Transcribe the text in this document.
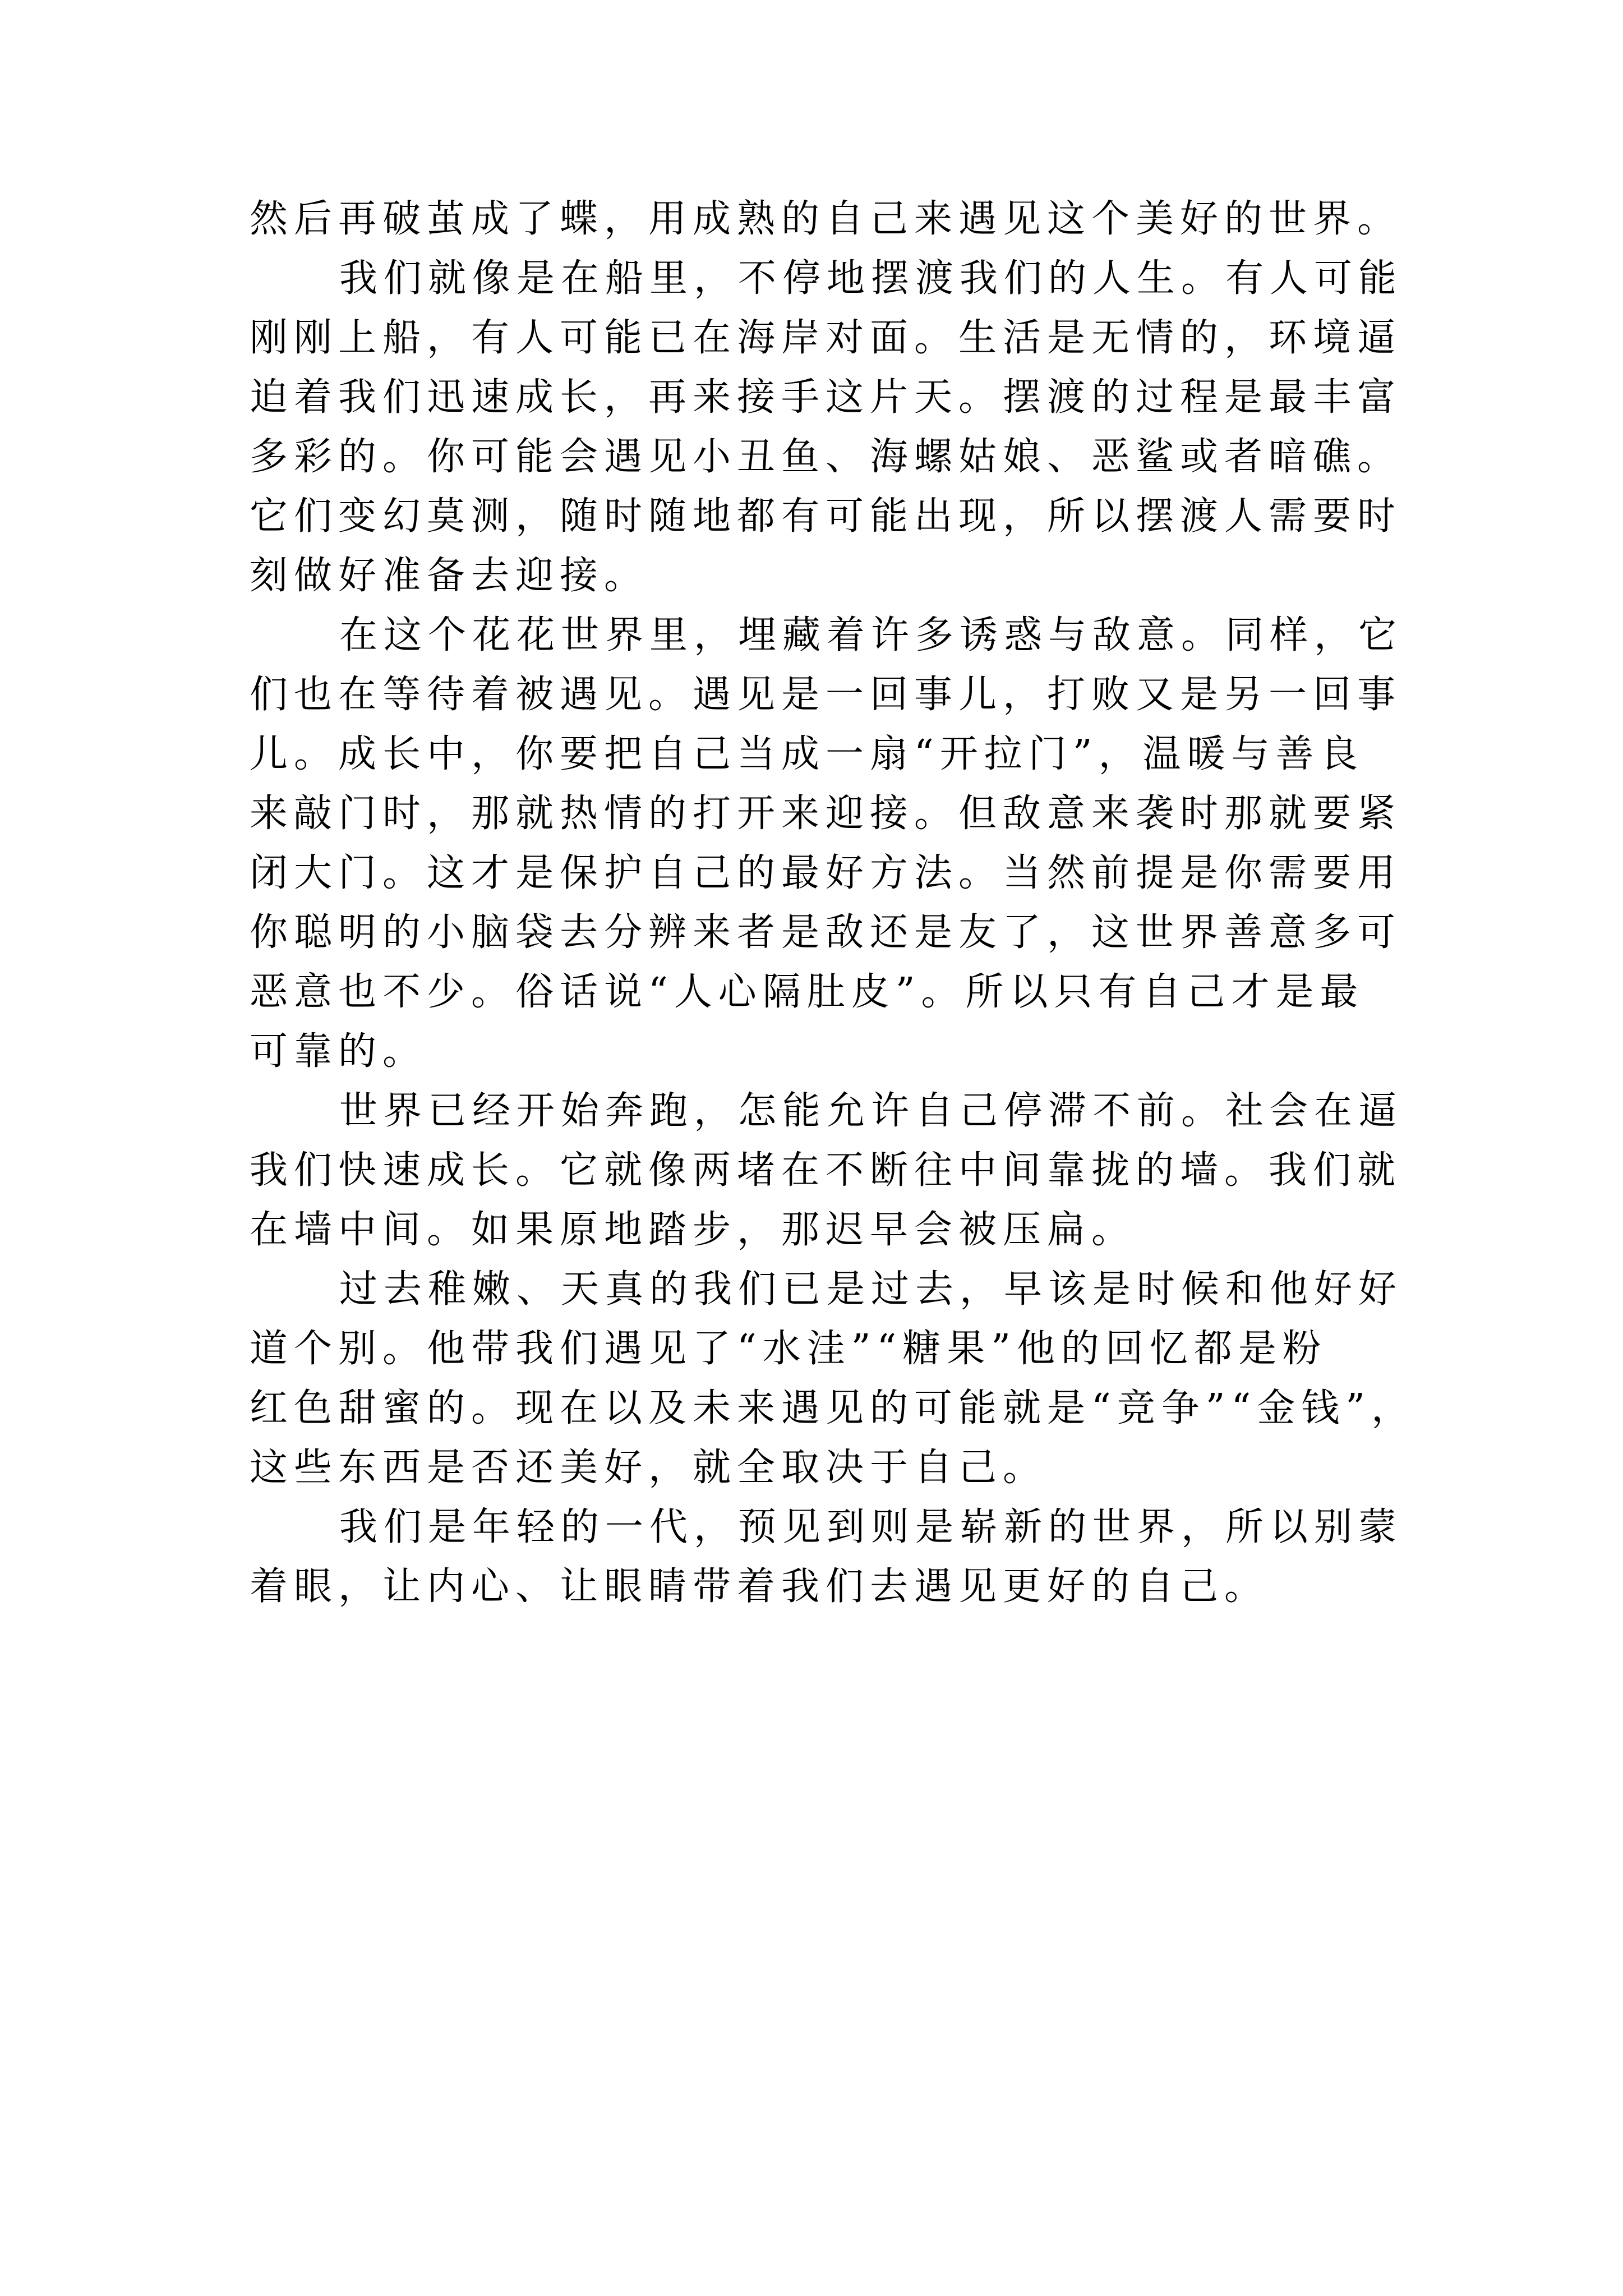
然后再破茧成了蝶，用成熟的自己来遇见这个美好的世界。
我们就像是在船里，不停地摆渡我们的人生。有人可能
刚刚上船，有人可能已在海岸对面。生活是无情的，环境逼
迫着我们迅速成长，再来接手这片天。摆渡的过程是最丰富
多彩的。你可能会遇见小丑鱼、海螺姑娘、恶鲨或者暗礁。
它们变幻莫测，随时随地都有可能出现，所以摆渡人需要时
刻做好准备去迎接。
在这个花花世界里，埋藏着许多诱惑与敌意。同样，它
们也在等待着被遇见。遇见是一回事儿，打败又是另一回事
儿。成长中，你要把自己当成一扇“开拉门”，温暖与善良
来敲门时，那就热情的打开来迎接。但敌意来袭时那就要紧
闭大门。这才是保护自己的最好方法。当然前提是你需要用
你聪明的小脑袋去分辨来者是敌还是友了，这世界善意多可
恶意也不少。俗话说“人心隔肚皮”。所以只有自己才是最
可靠的。
世界已经开始奔跑，怎能允许自己停滞不前。社会在逼
我们快速成长。它就像两堵在不断往中间靠拢的墙。我们就
在墙中间。如果原地踏步，那迟早会被压扁。
过去稚嫩、天真的我们已是过去，早该是时候和他好好
道个别。他带我们遇见了“水洼”“糖果”他的回忆都是粉
红色甜蜜的。现在以及未来遇见的可能就是“竞争”“金钱”，
这些东西是否还美好，就全取决于自己。
我们是年轻的一代，预见到则是崭新的世界，所以别蒙
着眼，让内心、让眼睛带着我们去遇见更好的自己。
